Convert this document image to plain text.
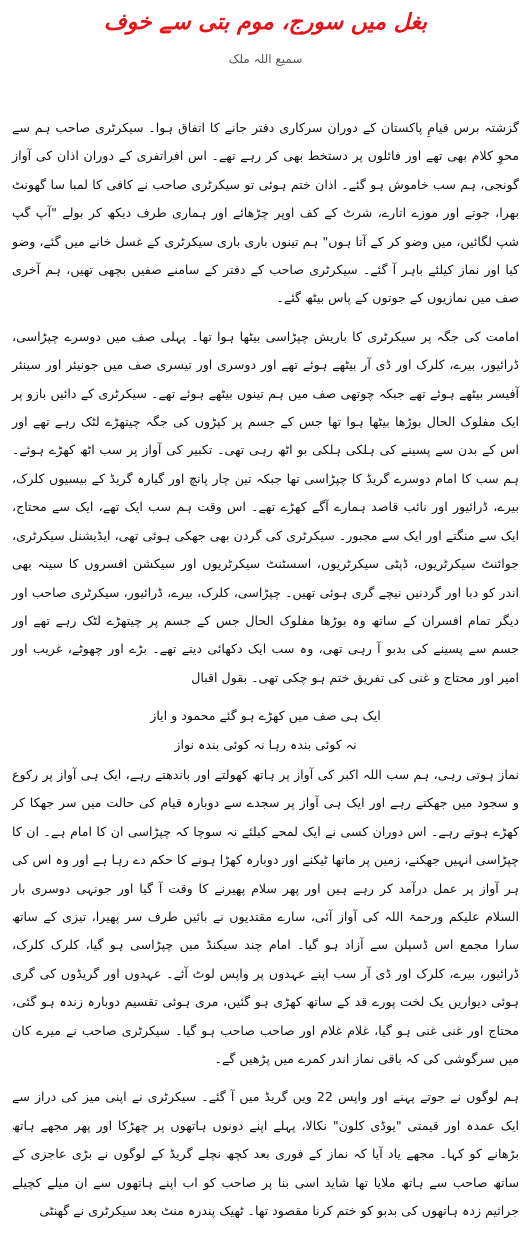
بغل میں سورج، موم بتی سے خوف
سمیع اللہ ملک

گزشتہ برس قیامِ پاکستان کے دوران سرکاری دفتر جانے کا اتفاق ہوا۔ سیکرٹری صاحب ہم سے محوِ کلام بھی تھے اور فائلوں پر دستخط بھی کر رہے تھے۔ اس افراتفری کے دوران اذان کی آواز گونجی، ہم سب خاموش ہو گئے۔ اذان ختم ہوئی تو سیکرٹری صاحب نے کافی کا لمبا سا گھونٹ بھرا، جوتے اور موزے اتارے، شرٹ کے کف اوپر چڑھائے اور ہماری طرف دیکھ کر بولے "آپ گپ شپ لگائیں، میں وضو کر کے آتا ہوں" ہم تینوں باری باری سیکرٹری کے غسل خانے میں گئے، وضو کیا اور نماز کیلئے باہر آ گئے۔ سیکرٹری صاحب کے دفتر کے سامنے صفیں بچھی تھیں، ہم آخری صف میں نمازیوں کے جوتوں کے پاس بیٹھ گئے۔

امامت کی جگہ پر سیکرٹری کا باریش چپڑاسی بیٹھا ہوا تھا۔ پہلی صف میں دوسرے چپڑاسی، ڈرائیور، بیرے، کلرک اور ڈی آر بیٹھے ہوئے تھے اور دوسری اور تیسری صف میں جونیئر اور سینئر آفیسر بیٹھے ہوئے تھے جبکہ چوتھی صف میں ہم تینوں بیٹھے ہوئے تھے۔ سیکرٹری کے دائیں بازو پر ایک مفلوک الحال بوڑھا بیٹھا ہوا تھا جس کے جسم پر کپڑوں کی جگہ چیتھڑے لٹک رہے تھے اور اس کے بدن سے پسینے کی ہلکی ہلکی بو اٹھ رہی تھی۔ تکبیر کی آواز پر سب اٹھ کھڑے ہوئے۔ ہم سب کا امام دوسرے گریڈ کا چپڑاسی تھا جبکہ تین چار پانچ اور گیارہ گریڈ کے بیسیوں کلرک، بیرے، ڈرائیور اور نائب قاصد ہمارے آگے کھڑے تھے۔ اس وقت ہم سب ایک تھے، ایک سے محتاج، ایک سے منگتے اور ایک سے مجبور۔ سیکرٹری کی گردن بھی جھکی ہوئی تھی، ایڈیشنل سیکرٹری، جوائنٹ سیکرٹریوں، ڈپٹی سیکرٹریوں، اسسٹنٹ سیکرٹریوں اور سیکشن افسروں کا سینہ بھی اندر کو دبا اور گردنیں نیچے گری ہوئی تھیں۔ چپڑاسی، کلرک، بیرے، ڈرائیور، سیکرٹری صاحب اور دیگر تمام افسران کے ساتھ وہ بوڑھا مفلوک الحال جس کے جسم پر چیتھڑے لٹک رہے تھے اور جسم سے پسینے کی بدبو آ رہی تھی، وہ سب ایک دکھائی دیتے تھے۔ بڑے اور چھوٹے، غریب اور امیر اور محتاج و غنی کی تفریق ختم ہو چکی تھی۔ بقول اقبال

ایک ہی صف میں کھڑے ہو گئے محمود و ایاز

نہ کوئی بندہ رہا نہ کوئی بندہ نواز

نماز ہوتی رہی، ہم سب اللہ اکبر کی آواز پر ہاتھ کھولتے اور باندھتے رہے، ایک ہی آواز پر رکوع و سجود میں جھکتے رہے اور ایک ہی آواز پر سجدے سے دوبارہ قیام کی حالت میں سر جھکا کر کھڑے ہوتے رہے۔ اس دوران کسی نے ایک لمحے کیلئے نہ سوچا کہ چپڑاسی ان کا امام ہے۔ ان کا چپڑاسی انہیں جھکنے، زمین پر ماتھا ٹیکنے اور دوبارہ کھڑا ہونے کا حکم دے رہا ہے اور وہ اس کی ہر آواز پر عمل درآمد کر رہے ہیں اور پھر سلام پھیرنے کا وقت آ گیا اور جونہی دوسری بار السلام علیکم ورحمۃ اللہ کی آواز آئی، سارے مقتدیوں نے بائیں طرف سر پھیرا، تیزی کے ساتھ سارا مجمع اس ڈسپلن سے آزاد ہو گیا۔ امام چند سیکنڈ میں چپڑاسی ہو گیا، کلرک کلرک، ڈرائیور، بیرے، کلرک اور ڈی آر سب اپنے عہدوں پر واپس لوٹ آئے۔ عہدوں اور گریڈوں کی گری ہوئی دیواریں یک لخت پورے قد کے ساتھ کھڑی ہو گئیں، مری ہوئی تقسیم دوبارہ زندہ ہو گئی، محتاج اور غنی غنی ہو گیا، غلام غلام اور صاحب صاحب ہو گیا۔ سیکرٹری صاحب نے میرے کان میں سرگوشی کی کہ باقی نماز اندر کمرے میں پڑھیں گے۔

ہم لوگوں نے جوتے پہنے اور واپس 22 ویں گریڈ میں آ گئے۔ سیکرٹری نے اپنی میز کی دراز سے ایک عمدہ اور قیمتی "یوڈی کلون" نکالا، پہلے اپنے دونوں ہاتھوں پر چھڑکا اور پھر مجھے ہاتھ بڑھانے کو کہا۔ مجھے یاد آیا کہ نماز کے فوری بعد کچھ نچلے گریڈ کے لوگوں نے بڑی عاجزی کے ساتھ صاحب سے ہاتھ ملایا تھا شاید اسی بنا پر صاحب کو اب اپنے ہاتھوں سے ان میلے کچیلے جراثیم زدہ ہاتھوں کی بدبو کو ختم کرنا مقصود تھا۔ ٹھیک پندرہ منٹ بعد سیکرٹری نے گھنٹی
